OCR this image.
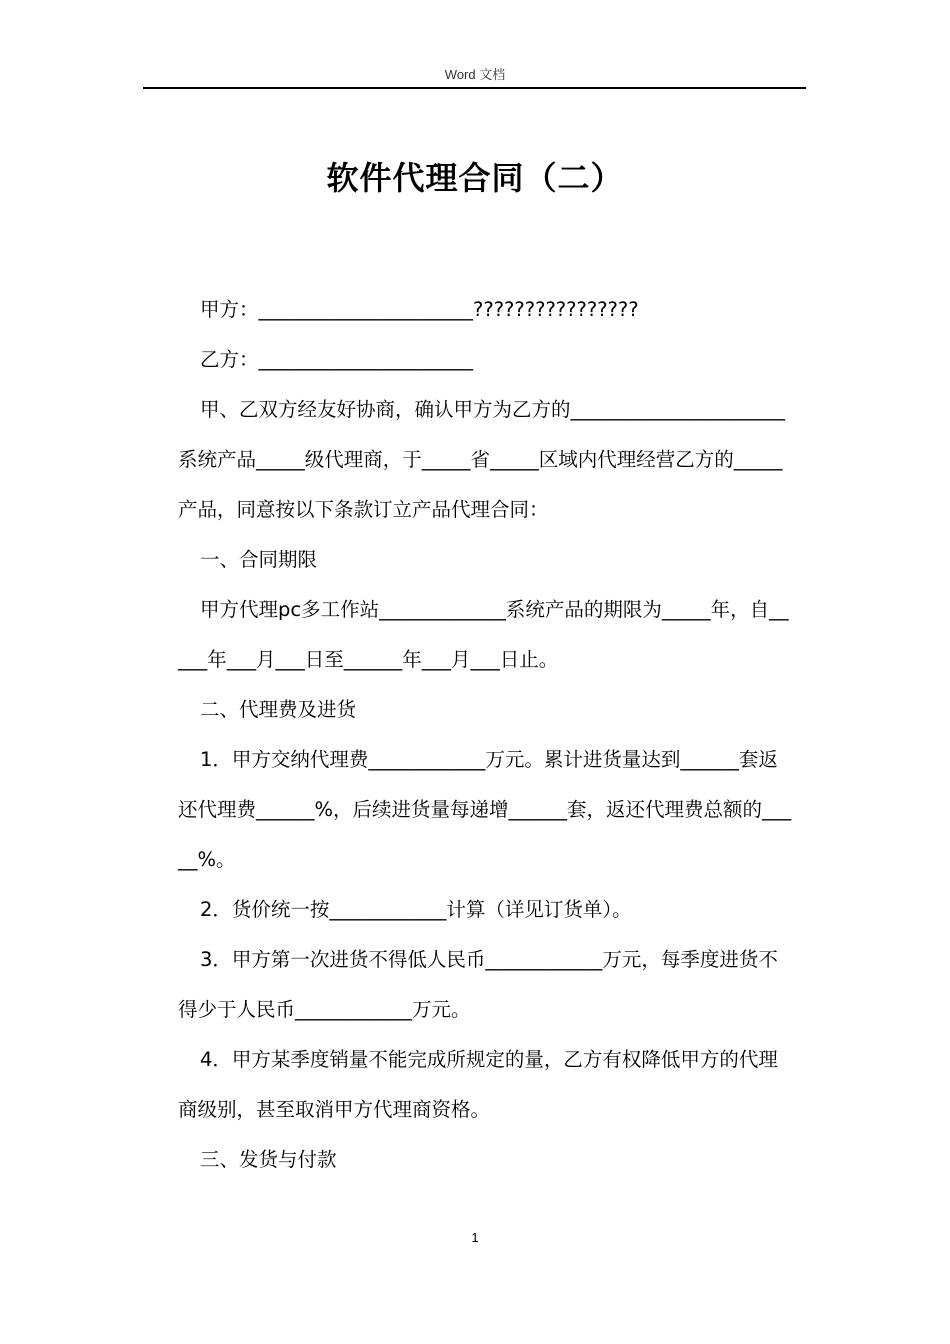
Word 文档
软件代理合同（二）

甲方：______________________????????????????

乙方：______________________

甲、乙双方经友好协商，确认甲方为乙方的______________________系统产品_____级代理商，于_____省_____区域内代理经营乙方的_____产品，同意按以下条款订立产品代理合同：

一、合同期限

甲方代理pc多工作站_____________系统产品的期限为_____年，自_____年___月___日至______年___月___日止。

二、代理费及进货

1．甲方交纳代理费____________万元。累计进货量达到______套返还代理费______%，后续进货量每递增______套，返还代理费总额的_____%。

2．货价统一按____________计算（详见订货单）。

3．甲方第一次进货不得低人民币____________万元，每季度进货不得少于人民币____________万元。

4．甲方某季度销量不能完成所规定的量，乙方有权降低甲方的代理商级别，甚至取消甲方代理商资格。

三、发货与付款

1
